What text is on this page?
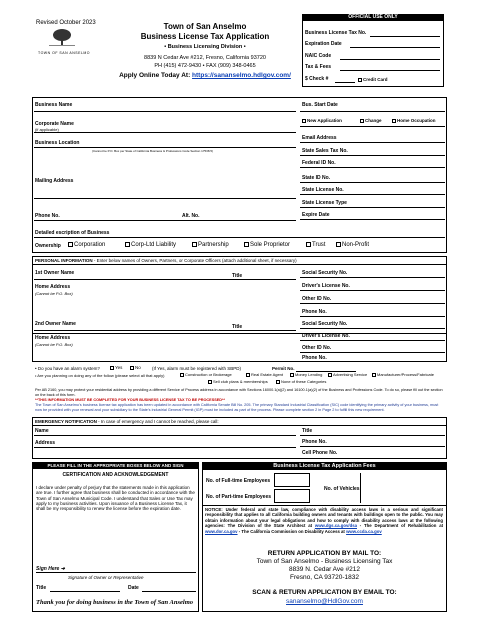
Revised October 2023
TOWN OF SAN ANSELMO
Town of San Anselmo
Business License Tax Application
• Business Licensing Division •
8839 N Cedar Ave #212, Fresno, California 93720
PH (415) 472-9430 • FAX (909) 348-0465
Apply Online Today At: https://sananselmo.hdlgov.com/
OFFICIAL USE ONLY
Business License Tax No.
Expiration Date
NAIC Code
Tax & Fees
$ Check #	Credit Card
Business Name	Bus. Start Date
Corporate Name
(if applicable)
New Application	Change	Home Occupation
Business Location
(Cannot be P.O. Box per State of California Business & Professions Code Section 17538.5)
Email Address
State Sales Tax No.
Federal ID No.
Mailing Address	State ID No.
State License No.
State License Type
Phone No.	Alt. No.	Expire Date
Detailed escription of Business
Ownership	Corporation	Corp-Ltd Liability	Partnership	Sole Proprietor	Trust	Non-Profit
PERSONAL INFORMATION - Enter below names of Owners, Partners, or Corporate Officers (attach additional sheet, if necessary)
1st Owner Name	Title
Home Address
(Cannot be P.O. Box)
Social Security No.
Driver's License No.
Other ID No.
Phone No.
2nd Owner Name	Title
Home Address
(Cannot be P.O. Box)
Social Security No.
Driver's License No.
Other ID No.
Phone No.
• Do you have an alarm system?	Yes	No (If Yes, alarm must be registered with SBPD)	Permit No.
• Are you planning on doing any of the follow (please select all that apply)	Construction or Brokerage	Real Estate Agent	Money Lending	Advertising Service	Manufacturer/Process/Fabricate
Sell club plans & memberships	None of these Categories
Per AB 2160, you may protect your residential address by providing a different Service of Process address in accordance with Sections 16000.1(a)(2) and 16100.1(a)(2) of the Business and Professions Code. To do so, please fill out the section on the back of this form.
**THIS INFORMATION MUST BE COMPLETED FOR YOUR BUSINESS LICENSE TAX TO BE PROCESSED**
The Town of San Anselmo's business license tax application has been updated in accordance with California Senate Bill No. 205. The primary Standard Industrial Classification (SIC) code identifying the primary activity of your business, must now be provided with your renewal and your subsidiary to the State's industrial General Permit (IGP) must be included as part of the process. Please complete section 2 in Page 2 to fulfill this new requirement.
EMERGENCY NOTIFICATION - In case of emergency and I cannot be reached, please call:
Name	Title
Address	Phone No.
Cell Phone No.
PLEASE FILL IN THE APPROPRIATE BOXES BELOW AND SIGN
CERTIFICATION AND ACKNOWLEDGEMENT
I declare under penalty of perjury that the statements made in this application are true. I further agree that business shall be conducted in accordance with the Town of San Anselmo Municipal Code. I understand that Sales or Use Tax may apply to my business activities. Upon issuance of a Business License Tax, it shall be my responsibility to renew the license before the expiration date.
Sign Here ➔
Signature of Owner or Representative
Title	Date
Thank you for doing business in the Town of San Anselmo
Business License Tax Application Fees
No. of Full-time Employees
No. of Part-time Employees
No. of Vehicles
NOTICE: Under federal and state law, compliance with disability access laws is a serious and significant responsibility that applies to all California building owners and tenants with buildings open to the public. You may obtain information about your legal obligations and how to comply with disability access laws at the following agencies: The Division of the State Architect at www.dgs.ca.gov/dsa - The Department of Rehabilitation at www.dor.ca.gov - The California Commission on Disability Access at www.ccda.ca.gov
RETURN APPLICATION BY MAIL TO:
Town of San Anselmo - Business Licensing Tax
8839 N. Cedar Ave #212
Fresno, CA 93720-1832
SCAN & RETURN APPLICATION BY EMAIL TO:
sananselmo@HdlGov.com
